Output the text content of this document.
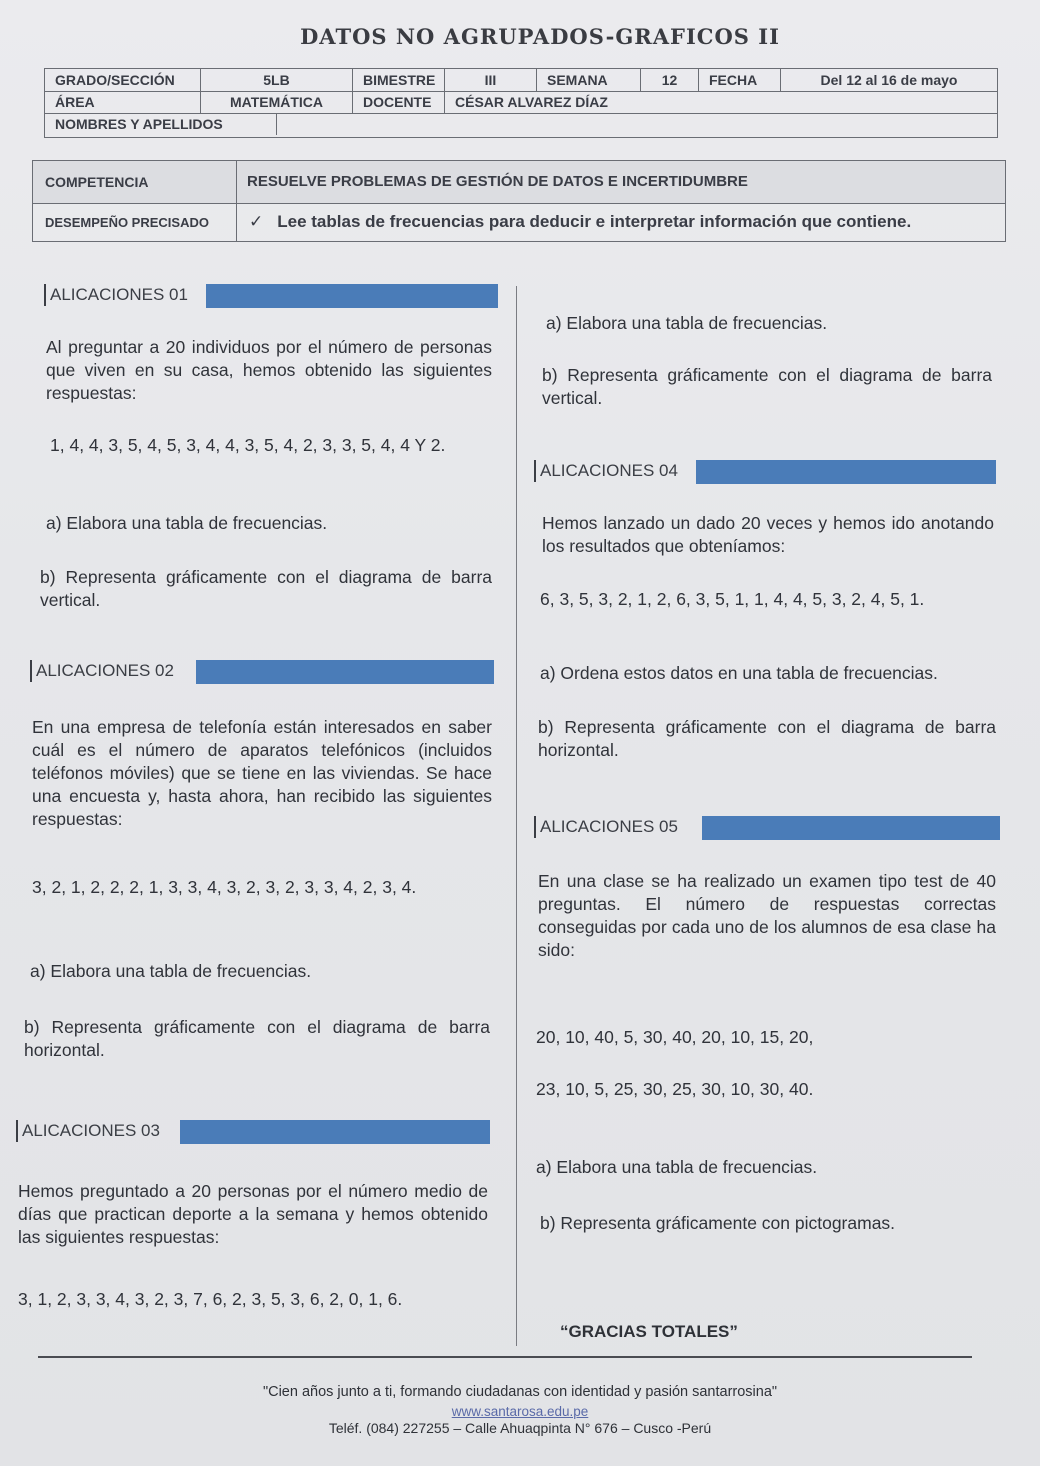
DATOS NO AGRUPADOS-GRAFICOS II
GRADO/SECCIÓN	5LB	BIMESTRE	III	SEMANA	12	FECHA	Del 12 al 16 de mayo
ÁREA	MATEMÁTICA	DOCENTE	CÉSAR ALVAREZ DÍAZ
NOMBRES Y APELLIDOS
COMPETENCIA	RESUELVE PROBLEMAS DE GESTIÓN DE DATOS E INCERTIDUMBRE
DESEMPEÑO PRECISADO	✓ Lee tablas de frecuencias para deducir e interpretar información que contiene.
ALICACIONES 01
Al preguntar a 20 individuos por el número de personas que viven en su casa, hemos obtenido las siguientes respuestas:
1, 4, 4, 3, 5, 4, 5, 3, 4, 4, 3, 5, 4, 2, 3, 3, 5, 4, 4 Y 2.
a) Elabora una tabla de frecuencias.
b) Representa gráficamente con el diagrama de barra vertical.
ALICACIONES 02
En una empresa de telefonía están interesados en saber cuál es el número de aparatos telefónicos (incluidos teléfonos móviles) que se tiene en las viviendas. Se hace una encuesta y, hasta ahora, han recibido las siguientes respuestas:
3, 2, 1, 2, 2, 2, 1, 3, 3, 4, 3, 2, 3, 2, 3, 3, 4, 2, 3, 4.
a) Elabora una tabla de frecuencias.
b) Representa gráficamente con el diagrama de barra horizontal.
ALICACIONES 03
Hemos preguntado a 20 personas por el número medio de días que practican deporte a la semana y hemos obtenido las siguientes respuestas:
3, 1, 2, 3, 3, 4, 3, 2, 3, 7, 6, 2, 3, 5, 3, 6, 2, 0, 1, 6.
a) Elabora una tabla de frecuencias.
b) Representa gráficamente con el diagrama de barra vertical.
ALICACIONES 04
Hemos lanzado un dado 20 veces y hemos ido anotando los resultados que obteníamos:
6, 3, 5, 3, 2, 1, 2, 6, 3, 5, 1, 1, 4, 4, 5, 3, 2, 4, 5, 1.
a) Ordena estos datos en una tabla de frecuencias.
b) Representa gráficamente con el diagrama de barra horizontal.
ALICACIONES 05
En una clase se ha realizado un examen tipo test de 40 preguntas. El número de respuestas correctas conseguidas por cada uno de los alumnos de esa clase ha sido:
20, 10, 40, 5, 30, 40, 20, 10, 15, 20,
23, 10, 5, 25, 30, 25, 30, 10, 30, 40.
a) Elabora una tabla de frecuencias.
b) Representa gráficamente con pictogramas.
“GRACIAS TOTALES”
"Cien años junto a ti, formando ciudadanas con identidad y pasión santarrosina"
www.santarosa.edu.pe
Teléf. (084) 227255 – Calle Ahuaqpinta N° 676 – Cusco -Perú
